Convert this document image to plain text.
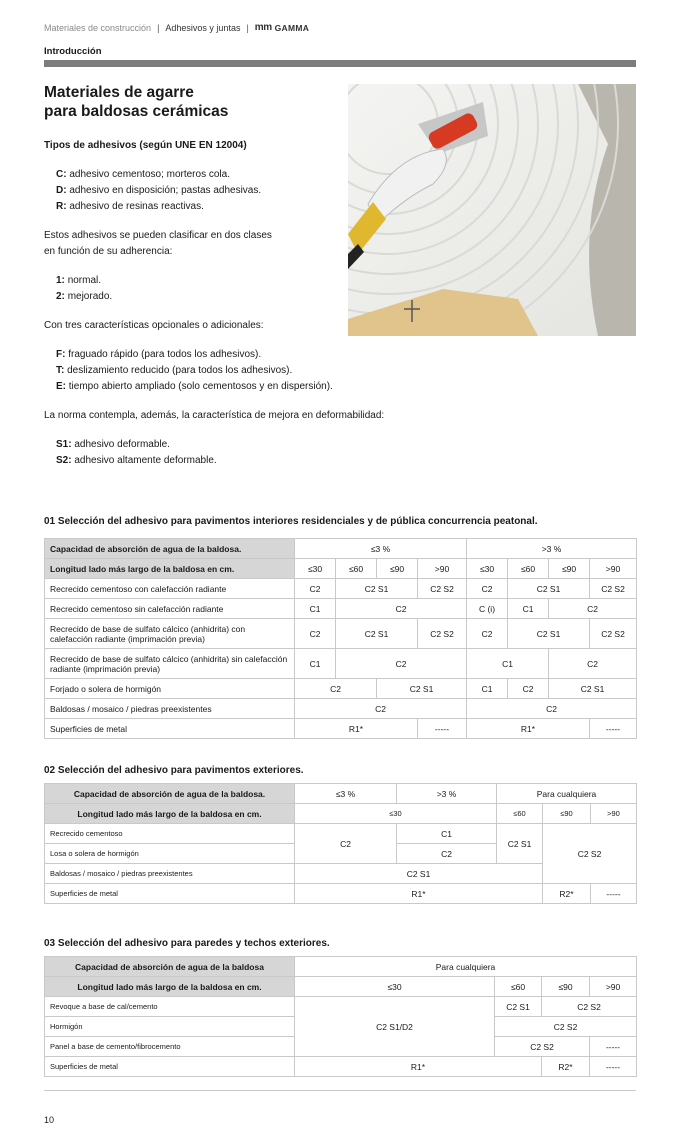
Materiales de construcción | Adhesivos y juntas | mm GAMMA
Introducción
Materiales de agarre
para baldosas cerámicas
Tipos de adhesivos (según UNE EN 12004)
C: adhesivo cementoso; morteros cola.
D: adhesivo en disposición; pastas adhesivas.
R: adhesivo de resinas reactivas.
Estos adhesivos se pueden clasificar en dos clases
en función de su adherencia:
1: normal.
2: mejorado.
Con tres características opcionales o adicionales:
F: fraguado rápido (para todos los adhesivos).
T: deslizamiento reducido (para todos los adhesivos).
E: tiempo abierto ampliado (solo cementosos y en dispersión).
La norma contempla, además, la característica de mejora en deformabilidad:
S1: adhesivo deformable.
S2: adhesivo altamente deformable.
01 Selección del adhesivo para pavimentos interiores residenciales y de pública concurrencia peatonal.
Capacidad de absorción de agua de la baldosa.	≤3 %				>3 %			
Longitud lado más largo de la baldosa en cm.	≤30	≤60	≤90	>90	≤30	≤60	≤90	>90
Recrecido cementoso con calefacción radiante	C2	C2 S1		C2 S2	C2	C2 S1		C2 S2
Recrecido cementoso sin calefacción radiante	C1	C2			C (i)	C1	C2	
Recrecido de base de sulfato cálcico (anhidrita) con calefacción radiante (imprimación previa)	C2	C2 S1		C2 S2	C2	C2 S1		C2 S2
Recrecido de base de sulfato cálcico (anhidrita) sin calefacción radiante (imprimación previa)	C1	C2			C1		C2	
Forjado o solera de hormigón	C2		C2 S1		C1	C2	C2 S1	
Baldosas / mosaico / piedras preexistentes	C2				C2			
Superficies de metal	R1*			-----	R1*			-----
02 Selección del adhesivo para pavimentos exteriores.
Capacidad de absorción de agua de la baldosa.	≤3 %	>3 %	Para cualquiera		
Longitud lado más largo de la baldosa en cm.	≤30		≤60	≤90	>90
Recrecido cementoso	C2	C1	C2 S1	C2 S2	
Losa o solera de hormigón		C2			
Baldosas / mosaico / piedras preexistentes	C2 S1				
Superficies de metal	R1*			R2*	-----
03 Selección del adhesivo para paredes y techos exteriores.
Capacidad de absorción de agua de la baldosa	Para cualquiera			
Longitud lado más largo de la baldosa en cm.	≤30	≤60	≤90	>90
Revoque a base de cal/cemento	C2 S1/D2	C2 S1	C2 S2	
Hormigón		C2 S2		
Panel a base de cemento/fibrocemento		C2 S2		-----
Superficies de metal	R1*		R2*	-----
10
